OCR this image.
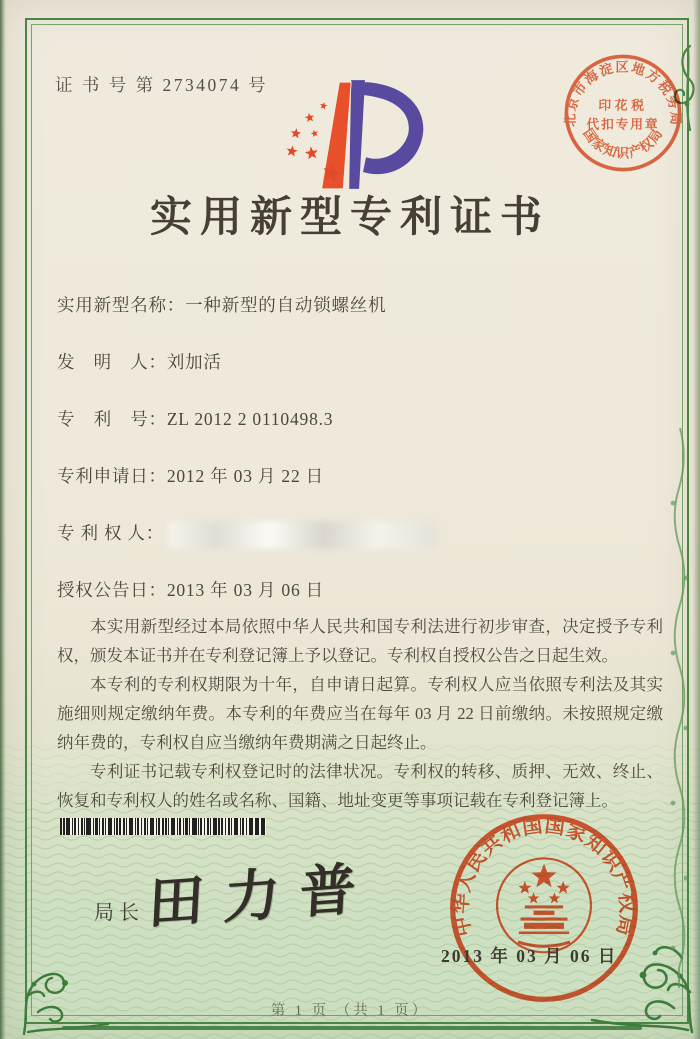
证 书 号 第 2734074 号
北京市海淀区地方税务局
国家知识产权局
印花税
代扣专用章
实用新型专利证书
实用新型名称：一种新型的自动锁螺丝机
发　明　人：刘加活
专　利　号：ZL 2012 2 0110498.3
专利申请日：2012 年 03 月 22 日
专 利 权 人：
授权公告日：2013 年 03 月 06 日

本实用新型经过本局依照中华人民共和国专利法进行初步审查，决定授予专利权，颁发本证书并在专利登记簿上予以登记。专利权自授权公告之日起生效。

本专利的专利权期限为十年，自申请日起算。专利权人应当依照专利法及其实施细则规定缴纳年费。本专利的年费应当在每年 03 月 22 日前缴纳。未按照规定缴纳年费的，专利权自应当缴纳年费期满之日起终止。

专利证书记载专利权登记时的法律状况。专利权的转移、质押、无效、终止、恢复和专利权人的姓名或名称、国籍、地址变更等事项记载在专利登记簿上。

局长 田力普	中华人民共和国国家知识产权局
2013 年 03 月 06 日
第 1 页 （共 1 页）
